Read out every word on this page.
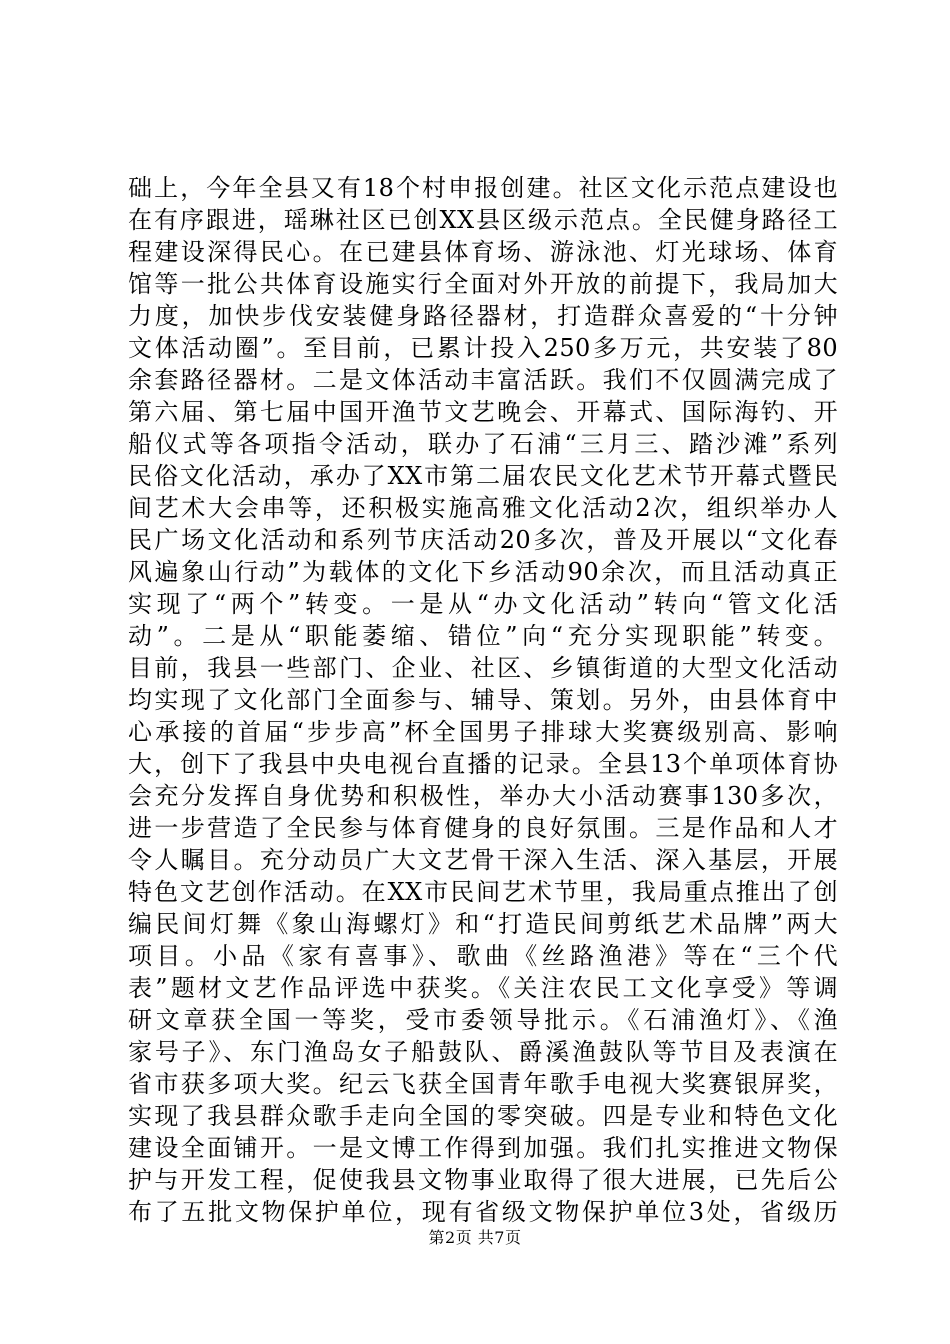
础上，今年全县又有18个村申报创建。社区文化示范点建设也
在有序跟进，瑶琳社区已创XX县区级示范点。全民健身路径工
程建设深得民心。在已建县体育场、游泳池、灯光球场、体育
馆等一批公共体育设施实行全面对外开放的前提下，我局加大
力度，加快步伐安装健身路径器材，打造群众喜爱的“十分钟
文体活动圈”。至目前，已累计投入250多万元，共安装了80
余套路径器材。二是文体活动丰富活跃。我们不仅圆满完成了
第六届、第七届中国开渔节文艺晚会、开幕式、国际海钓、开
船仪式等各项指令活动，联办了石浦“三月三、踏沙滩”系列
民俗文化活动，承办了XX市第二届农民文化艺术节开幕式暨民
间艺术大会串等，还积极实施高雅文化活动2次，组织举办人
民广场文化活动和系列节庆活动20多次，普及开展以“文化春
风遍象山行动”为载体的文化下乡活动90余次，而且活动真正
实现了“两个”转变。一是从“办文化活动”转向“管文化活
动”。二是从“职能萎缩、错位”向“充分实现职能”转变。
目前，我县一些部门、企业、社区、乡镇街道的大型文化活动
均实现了文化部门全面参与、辅导、策划。另外，由县体育中
心承接的首届“步步高”杯全国男子排球大奖赛级别高、影响
大，创下了我县中央电视台直播的记录。全县13个单项体育协
会充分发挥自身优势和积极性，举办大小活动赛事130多次，
进一步营造了全民参与体育健身的良好氛围。三是作品和人才
令人瞩目。充分动员广大文艺骨干深入生活、深入基层，开展
特色文艺创作活动。在XX市民间艺术节里，我局重点推出了创
编民间灯舞《象山海螺灯》和“打造民间剪纸艺术品牌”两大
项目。小品《家有喜事》、歌曲《丝路渔港》等在“三个代
表”题材文艺作品评选中获奖。《关注农民工文化享受》等调
研文章获全国一等奖，受市委领导批示。《石浦渔灯》、《渔
家号子》、东门渔岛女子船鼓队、爵溪渔鼓队等节目及表演在
省市获多项大奖。纪云飞获全国青年歌手电视大奖赛银屏奖，
实现了我县群众歌手走向全国的零突破。四是专业和特色文化
建设全面铺开。一是文博工作得到加强。我们扎实推进文物保
护与开发工程，促使我县文物事业取得了很大进展，已先后公
布了五批文物保护单位，现有省级文物保护单位3处，省级历
第2页 共7页
